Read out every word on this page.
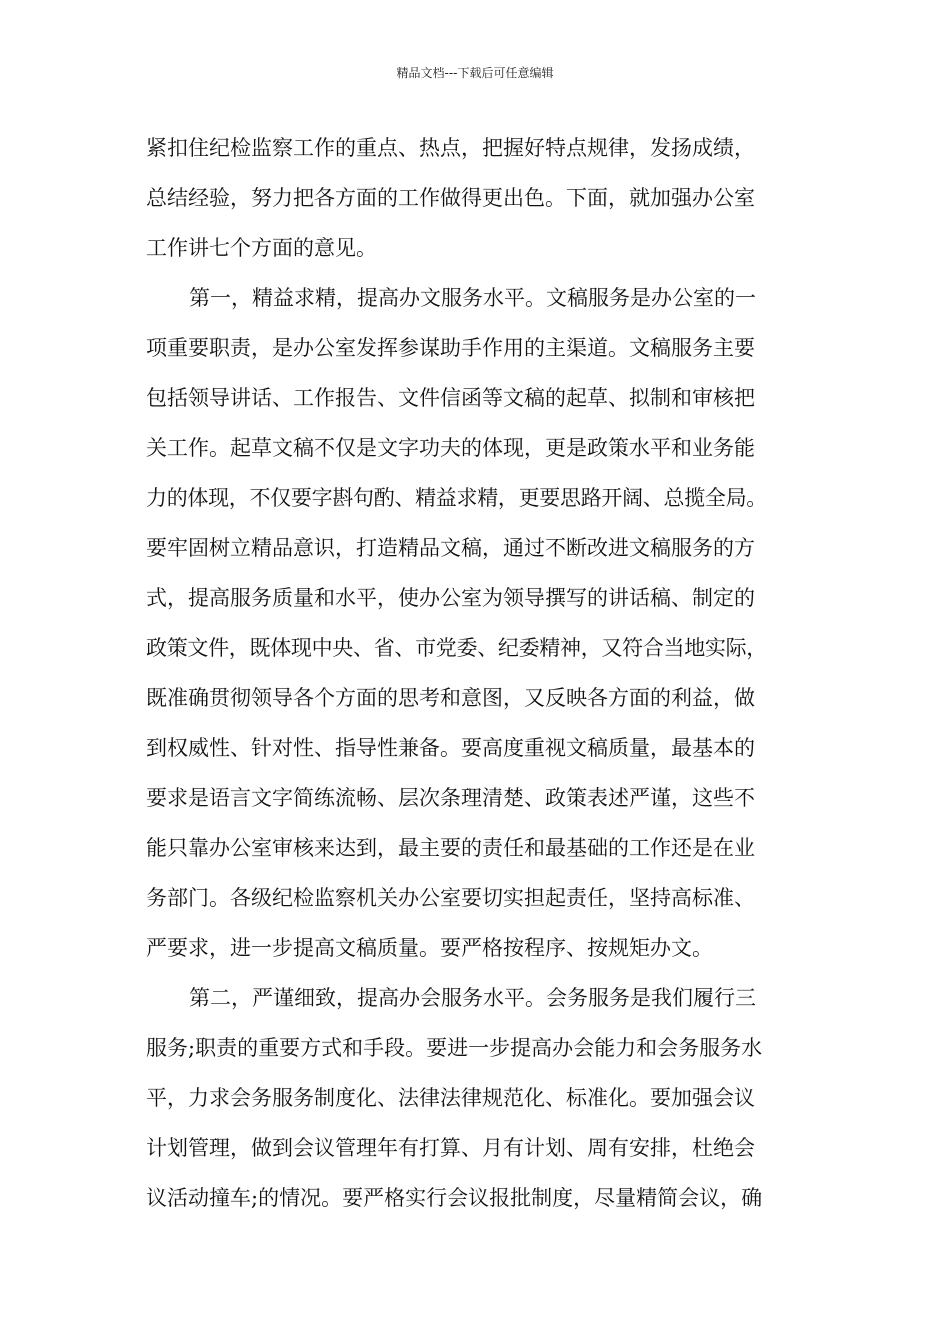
精品文档---下载后可任意编辑
紧扣住纪检监察工作的重点、热点，把握好特点规律，发扬成绩，
总结经验，努力把各方面的工作做得更出色。下面，就加强办公室
工作讲七个方面的意见。
第一，精益求精，提高办文服务水平。文稿服务是办公室的一
项重要职责，是办公室发挥参谋助手作用的主渠道。文稿服务主要
包括领导讲话、工作报告、文件信函等文稿的起草、拟制和审核把
关工作。起草文稿不仅是文字功夫的体现，更是政策水平和业务能
力的体现，不仅要字斟句酌、精益求精，更要思路开阔、总揽全局。
要牢固树立精品意识，打造精品文稿，通过不断改进文稿服务的方
式，提高服务质量和水平，使办公室为领导撰写的讲话稿、制定的
政策文件，既体现中央、省、市党委、纪委精神，又符合当地实际，
既准确贯彻领导各个方面的思考和意图，又反映各方面的利益，做
到权威性、针对性、指导性兼备。要高度重视文稿质量，最基本的
要求是语言文字简练流畅、层次条理清楚、政策表述严谨，这些不
能只靠办公室审核来达到，最主要的责任和最基础的工作还是在业
务部门。各级纪检监察机关办公室要切实担起责任，坚持高标准、
严要求，进一步提高文稿质量。要严格按程序、按规矩办文。
第二，严谨细致，提高办会服务水平。会务服务是我们履行三
服务;职责的重要方式和手段。要进一步提高办会能力和会务服务水
平，力求会务服务制度化、法律法律规范化、标准化。要加强会议
计划管理，做到会议管理年有打算、月有计划、周有安排，杜绝会
议活动撞车;的情况。要严格实行会议报批制度，尽量精简会议，确
